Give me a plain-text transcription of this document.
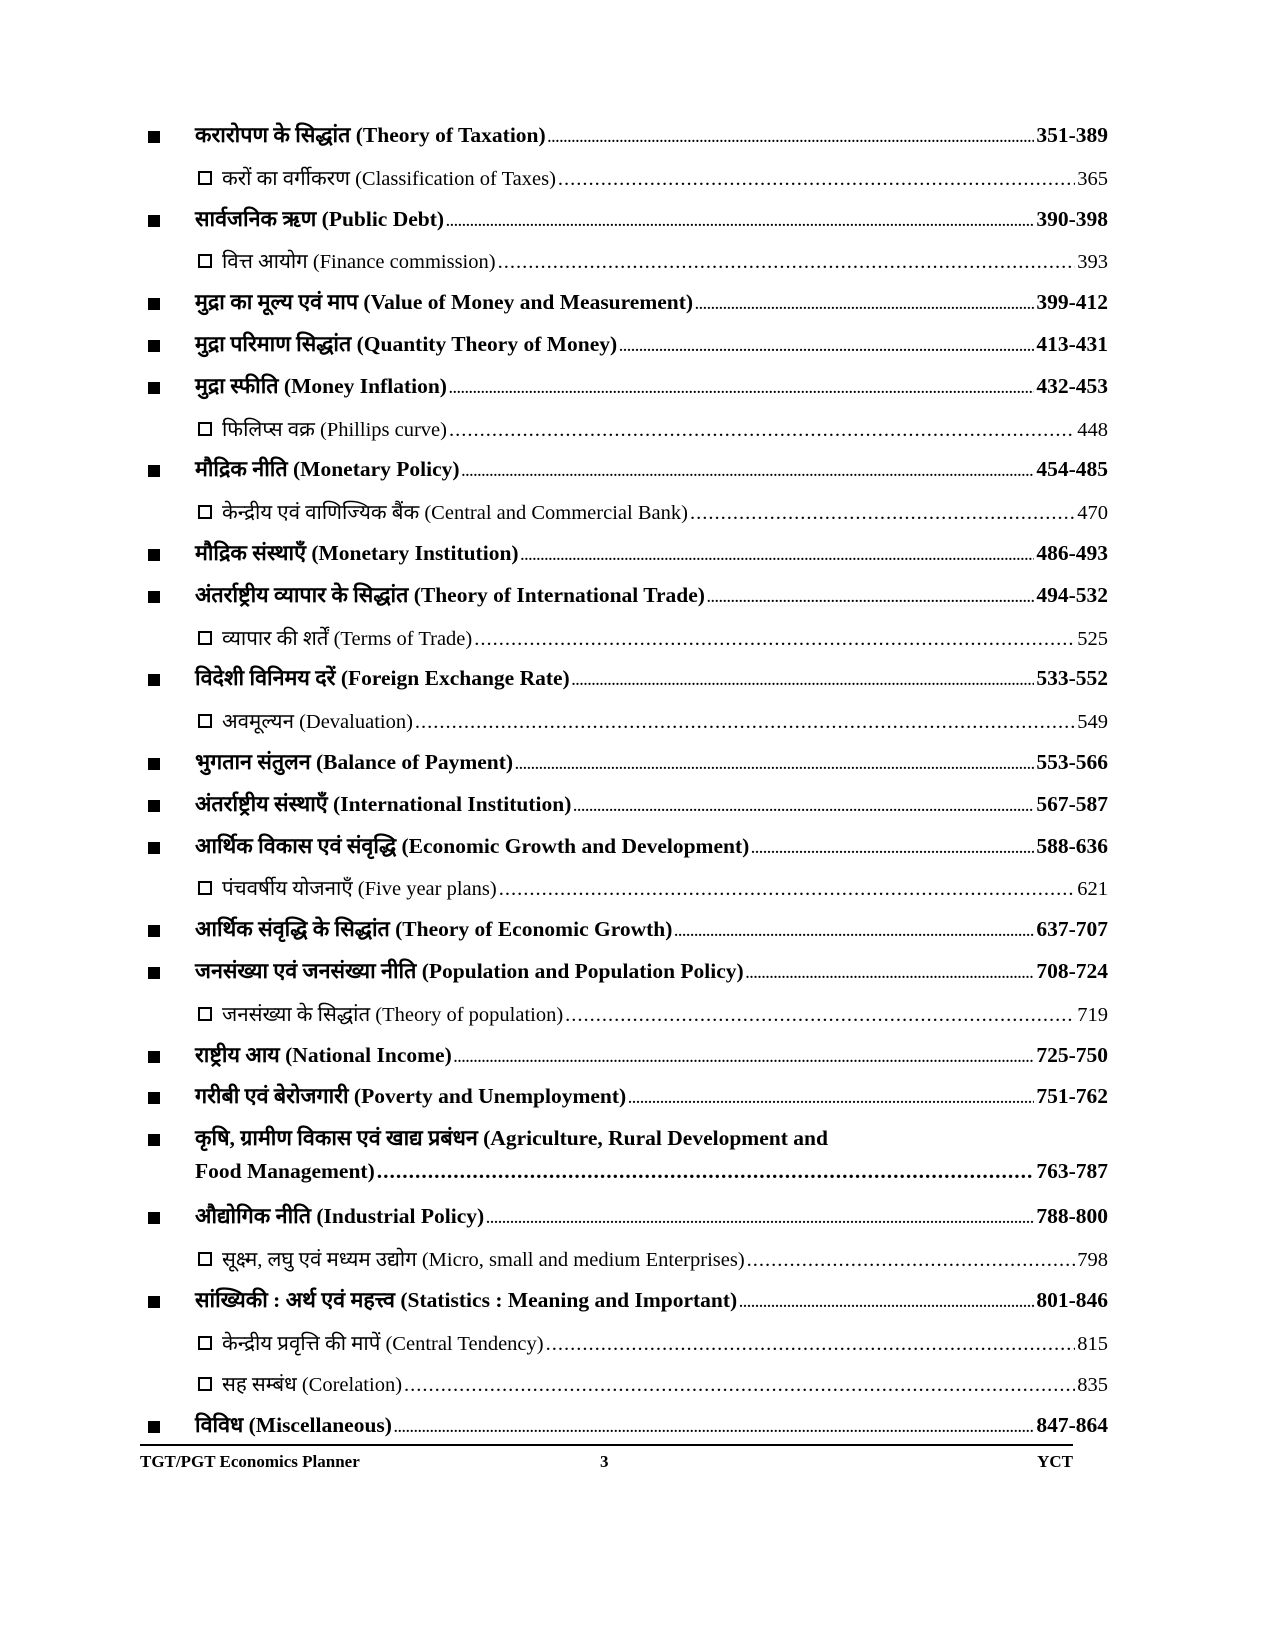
करारोपण के सिद्धांत (Theory of Taxation) .....	351-389
करों का वर्गीकरण (Classification of Taxes) .....	365
सार्वजनिक ऋण (Public Debt) .....	390-398
वित्त आयोग (Finance commission) .....	393
मुद्रा का मूल्य एवं माप (Value of Money and Measurement) .....	399-412
मुद्रा परिमाण सिद्धांत (Quantity Theory of Money) .....	413-431
मुद्रा स्फीति (Money Inflation) .....	432-453
फिलिप्स वक्र (Phillips curve) .....	448
मौद्रिक नीति (Monetary Policy) .....	454-485
केन्द्रीय एवं वाणिज्यिक बैंक (Central and Commercial Bank) .....	470
मौद्रिक संस्थाएँ (Monetary Institution) .....	486-493
अंतर्राष्ट्रीय व्यापार के सिद्धांत (Theory of International Trade) .....	494-532
व्यापार की शर्तें (Terms of Trade) .....	525
विदेशी विनिमय दरें (Foreign Exchange Rate) .....	533-552
अवमूल्यन (Devaluation) .....	549
भुगतान संतुलन (Balance of Payment) .....	553-566
अंतर्राष्ट्रीय संस्थाएँ (International Institution) .....	567-587
आर्थिक विकास एवं संवृद्धि (Economic Growth and Development) .....	588-636
पंचवर्षीय योजनाएँ (Five year plans) .....	621
आर्थिक संवृद्धि के सिद्धांत (Theory of Economic Growth) .....	637-707
जनसंख्या एवं जनसंख्या नीति (Population and Population Policy) .....	708-724
जनसंख्या के सिद्धांत (Theory of population) .....	719
राष्ट्रीय आय (National Income) .....	725-750
गरीबी एवं बेरोजगारी (Poverty and Unemployment) .....	751-762
कृषि, ग्रामीण विकास एवं खाद्य प्रबंधन (Agriculture, Rural Development and
Food Management) .....	763-787
औद्योगिक नीति (Industrial Policy) .....	788-800
सूक्ष्म, लघु एवं मध्यम उद्योग (Micro, small and medium Enterprises) .....	798
सांख्यिकी : अर्थ एवं महत्त्व (Statistics : Meaning and Important) .....	801-846
केन्द्रीय प्रवृत्ति की मापें (Central Tendency) .....	815
सह सम्बंध (Corelation) .....	835
विविध (Miscellaneous) .....	847-864
TGT/PGT Economics Planner	3	YCT
